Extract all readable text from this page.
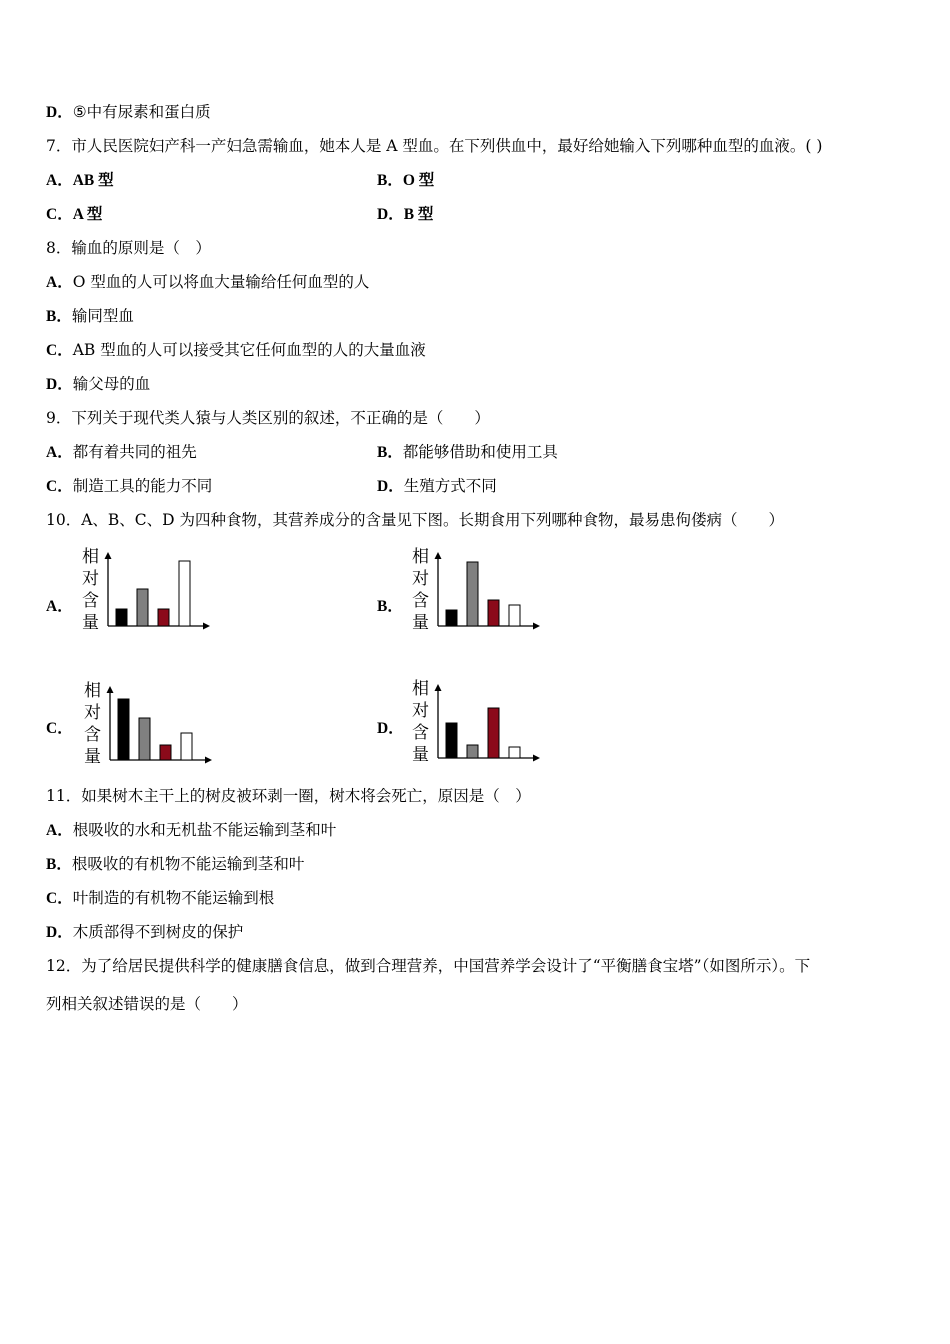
D．⑤中有尿素和蛋白质
7．市人民医院妇产科一产妇急需输血，她本人是 A 型血。在下列供血中，最好给她输入下列哪种血型的血液。( )
A．AB 型	B．O 型
C．A 型	D．B 型
8．输血的原则是（　）
A．O 型血的人可以将血大量输给任何血型的人
B．输同型血
C．AB 型血的人可以接受其它任何血型的人的大量血液
D．输父母的血
9．下列关于现代类人猿与人类区别的叙述，不正确的是（　　）
A．都有着共同的祖先	B．都能够借助和使用工具
C．制造工具的能力不同	D．生殖方式不同
10．A、B、C、D 为四种食物，其营养成分的含量见下图。长期食用下列哪种食物，最易患佝偻病（　　）
A．
相
对
含
量
B．
相
对
含
量
C．
相
对
含
量
D．
相
对
含
量
11．如果树木主干上的树皮被环剥一圈，树木将会死亡，原因是（　）
A．根吸收的水和无机盐不能运输到茎和叶
B．根吸收的有机物不能运输到茎和叶
C．叶制造的有机物不能运输到根
D．木质部得不到树皮的保护
12．为了给居民提供科学的健康膳食信息，做到合理营养，中国营养学会设计了“平衡膳食宝塔”（如图所示）。下
列相关叙述错误的是（　　）
